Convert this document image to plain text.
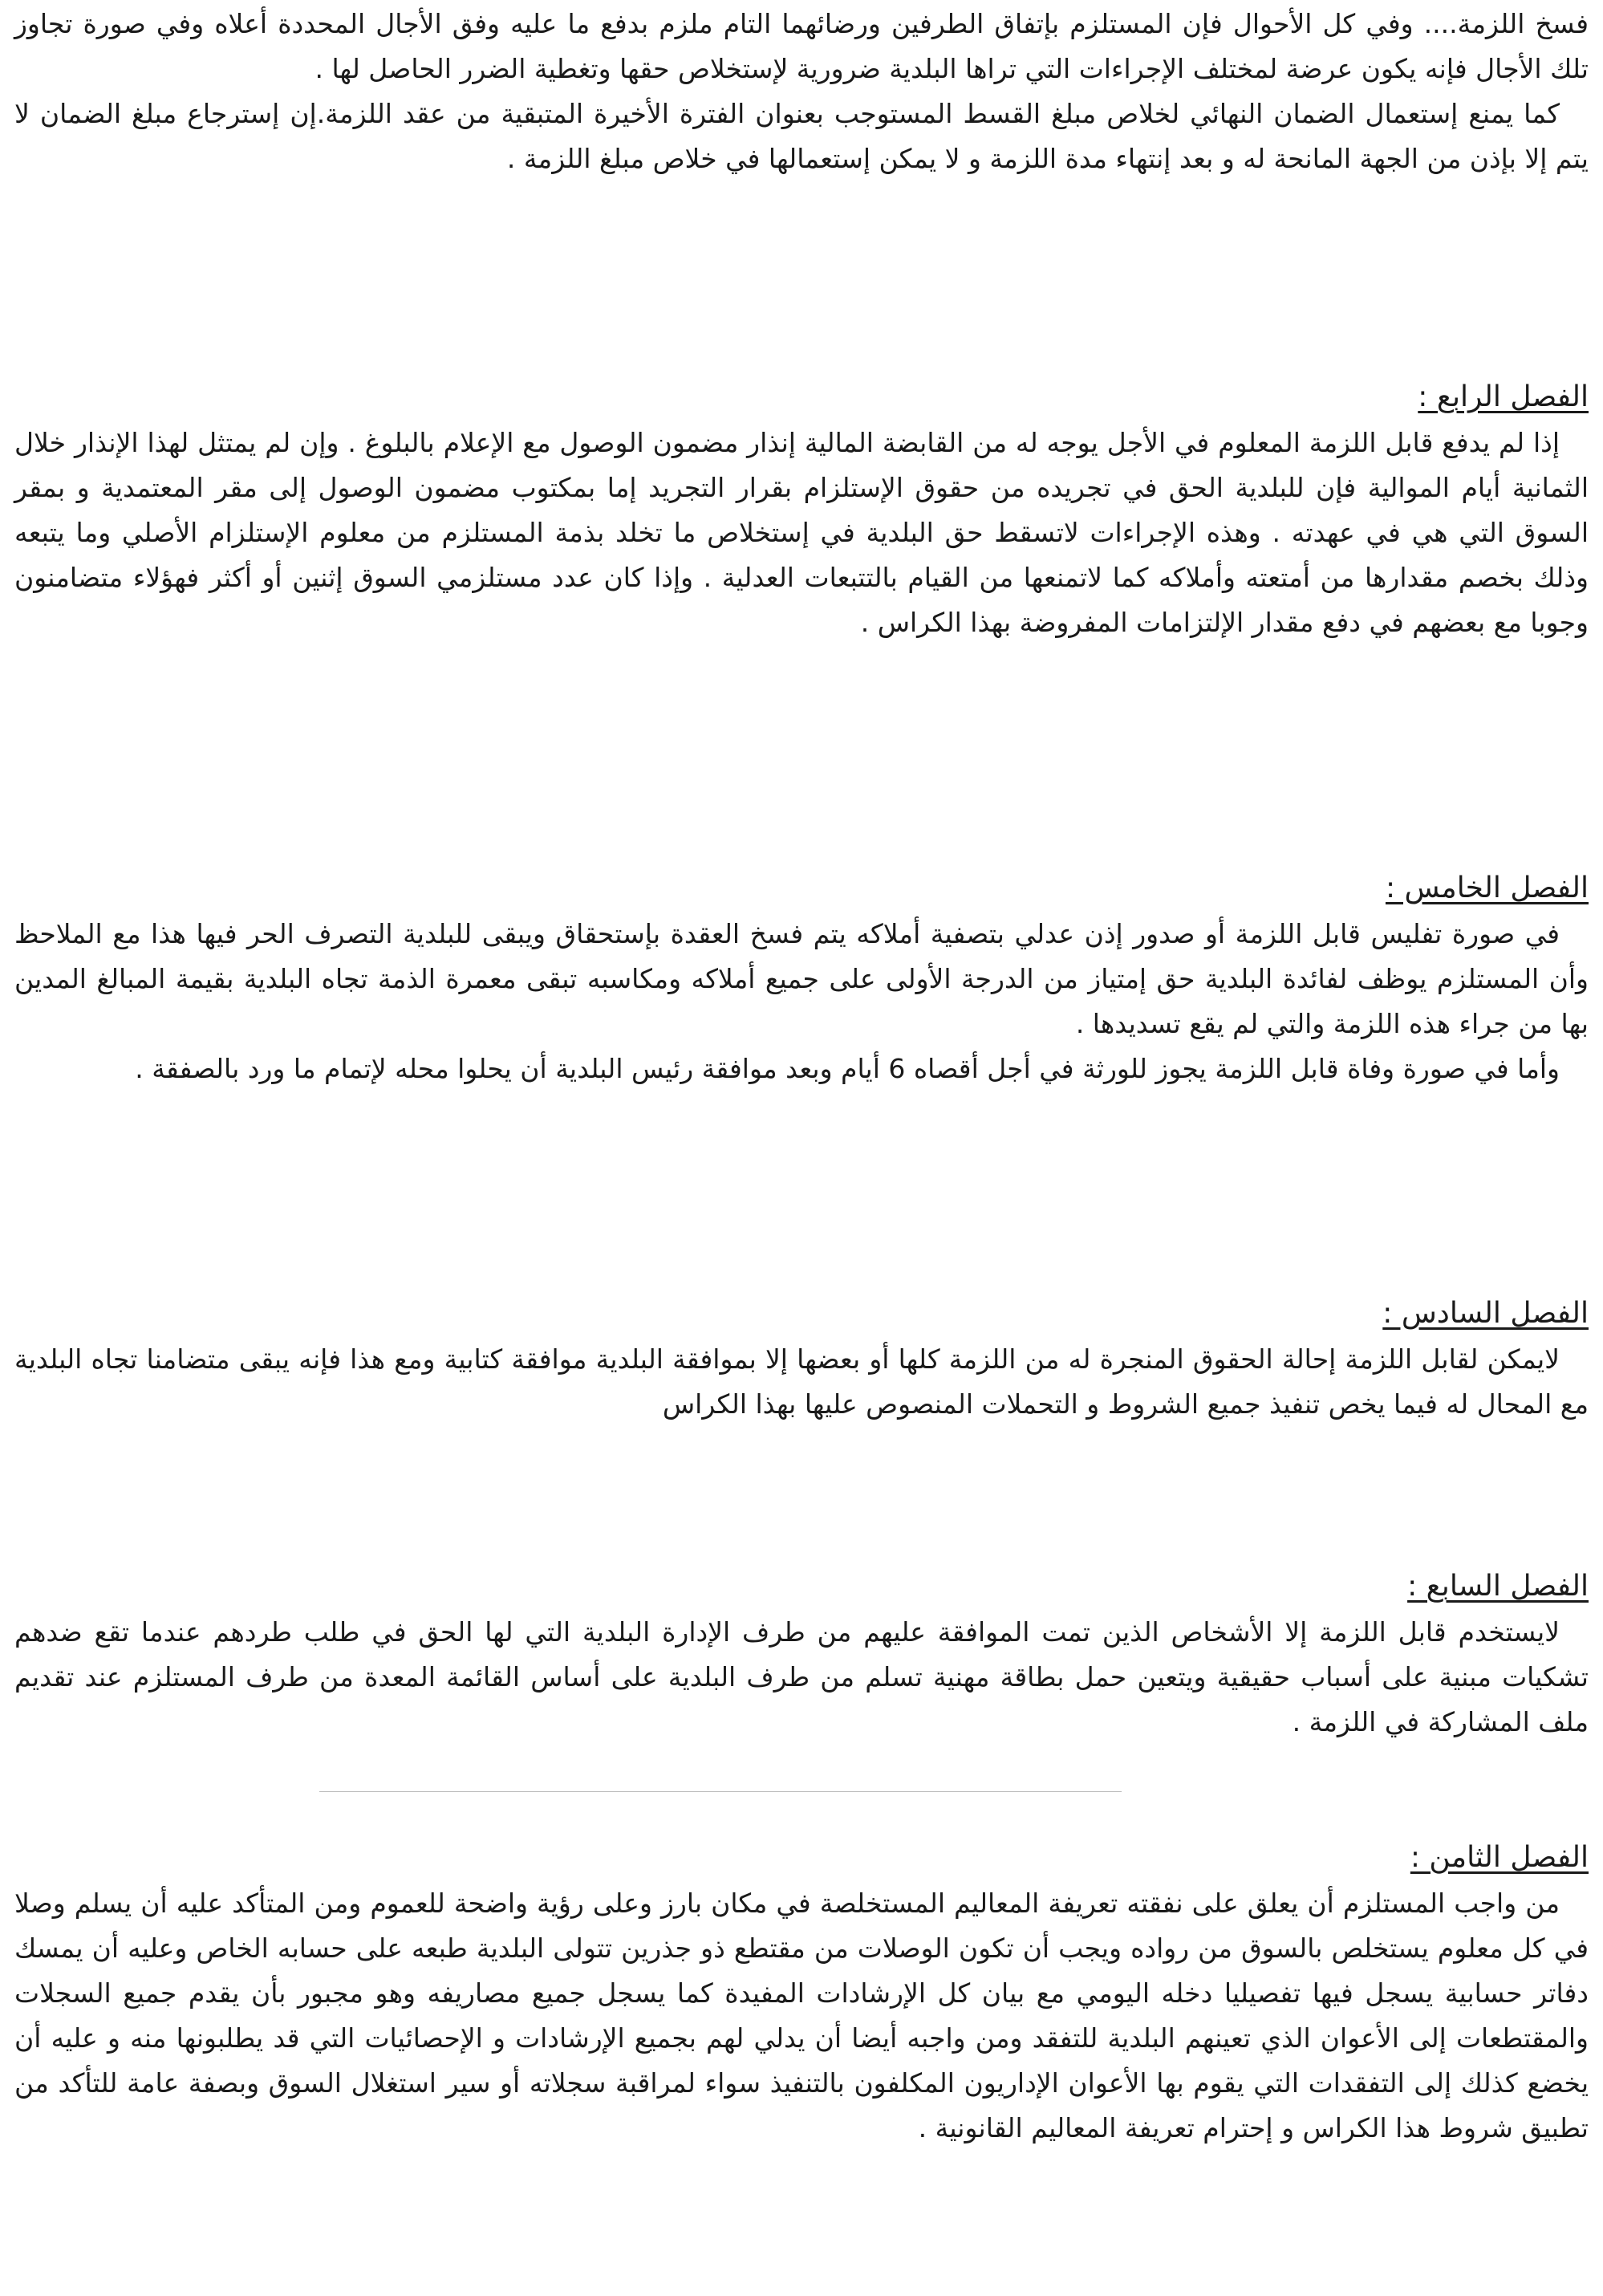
فسخ اللزمة.... وفي كل الأحوال فإن المستلزم بإتفاق الطرفين ورضائهما التام ملزم بدفع ما عليه وفق الأجال المحددة أعلاه وفي صورة تجاوز تلك الأجال فإنه يكون عرضة لمختلف الإجراءات التي تراها البلدية ضرورية لإستخلاص حقها وتغطية الضرر الحاصل لها .

كما يمنع إستعمال الضمان النهائي لخلاص مبلغ القسط المستوجب بعنوان الفترة الأخيرة المتبقية من عقد اللزمة.إن إسترجاع مبلغ الضمان لا يتم إلا بإذن من الجهة المانحة له و بعد إنتهاء مدة اللزمة و لا يمكن إستعمالها في خلاص مبلغ اللزمة .

الفصل الرابع :

إذا لم يدفع قابل اللزمة المعلوم في الأجل يوجه له من القابضة المالية إنذار مضمون الوصول مع الإعلام بالبلوغ . وإن لم يمتثل لهذا الإنذار خلال الثمانية أيام الموالية فإن للبلدية الحق في تجريده من حقوق الإستلزام بقرار التجريد إما بمكتوب مضمون الوصول إلى مقر المعتمدية و بمقر السوق التي هي في عهدته . وهذه الإجراءات لاتسقط حق البلدية في إستخلاص ما تخلد بذمة المستلزم من معلوم الإستلزام الأصلي وما يتبعه وذلك بخصم مقدارها من أمتعته وأملاكه كما لاتمنعها من القيام بالتتبعات العدلية . وإذا كان عدد مستلزمي السوق إثنين أو أكثر فهؤلاء متضامنون وجوبا مع بعضهم في دفع مقدار الإلتزامات المفروضة بهذا الكراس .

الفصل الخامس :

في صورة تفليس قابل اللزمة أو صدور إذن عدلي بتصفية أملاكه يتم فسخ العقدة بإستحقاق ويبقى للبلدية التصرف الحر فيها هذا مع الملاحظ وأن المستلزم يوظف لفائدة البلدية حق إمتياز من الدرجة الأولى على جميع أملاكه ومكاسبه تبقى معمرة الذمة تجاه البلدية بقيمة المبالغ المدين بها من جراء هذه اللزمة والتي لم يقع تسديدها .

وأما في صورة وفاة قابل اللزمة يجوز للورثة في أجل أقصاه 6 أيام وبعد موافقة رئيس البلدية أن يحلوا محله لإتمام ما ورد بالصفقة .

الفصل السادس :

لايمكن لقابل اللزمة إحالة الحقوق المنجرة له من اللزمة كلها أو بعضها إلا بموافقة البلدية موافقة كتابية ومع هذا فإنه يبقى متضامنا تجاه البلدية مع المحال له فيما يخص تنفيذ جميع الشروط و التحملات المنصوص عليها بهذا الكراس

الفصل السابع :

لايستخدم قابل اللزمة إلا الأشخاص الذين تمت الموافقة عليهم من طرف الإدارة البلدية التي لها الحق في طلب طردهم عندما تقع ضدهم تشكيات مبنية على أسباب حقيقية ويتعين حمل بطاقة مهنية تسلم من طرف البلدية على أساس القائمة المعدة من طرف المستلزم عند تقديم ملف المشاركة في اللزمة .

الفصل الثامن :

من واجب المستلزم أن يعلق على نفقته تعريفة المعاليم المستخلصة في مكان بارز وعلى رؤية واضحة للعموم ومن المتأكد عليه أن يسلم وصلا في كل معلوم يستخلص بالسوق من رواده ويجب أن تكون الوصلات من مقتطع ذو جذرين تتولى البلدية طبعه على حسابه الخاص وعليه أن يمسك دفاتر حسابية يسجل فيها تفصيليا دخله اليومي مع بيان كل الإرشادات المفيدة كما يسجل جميع مصاريفه وهو مجبور بأن يقدم جميع السجلات والمقتطعات إلى الأعوان الذي تعينهم البلدية للتفقد ومن واجبه أيضا أن يدلي لهم بجميع الإرشادات و الإحصائيات التي قد يطلبونها منه و عليه أن يخضع كذلك إلى التفقدات التي يقوم بها الأعوان الإداريون المكلفون بالتنفيذ سواء لمراقبة سجلاته أو سير استغلال السوق وبصفة عامة للتأكد من تطبيق شروط هذا الكراس و إحترام تعريفة المعاليم القانونية .
